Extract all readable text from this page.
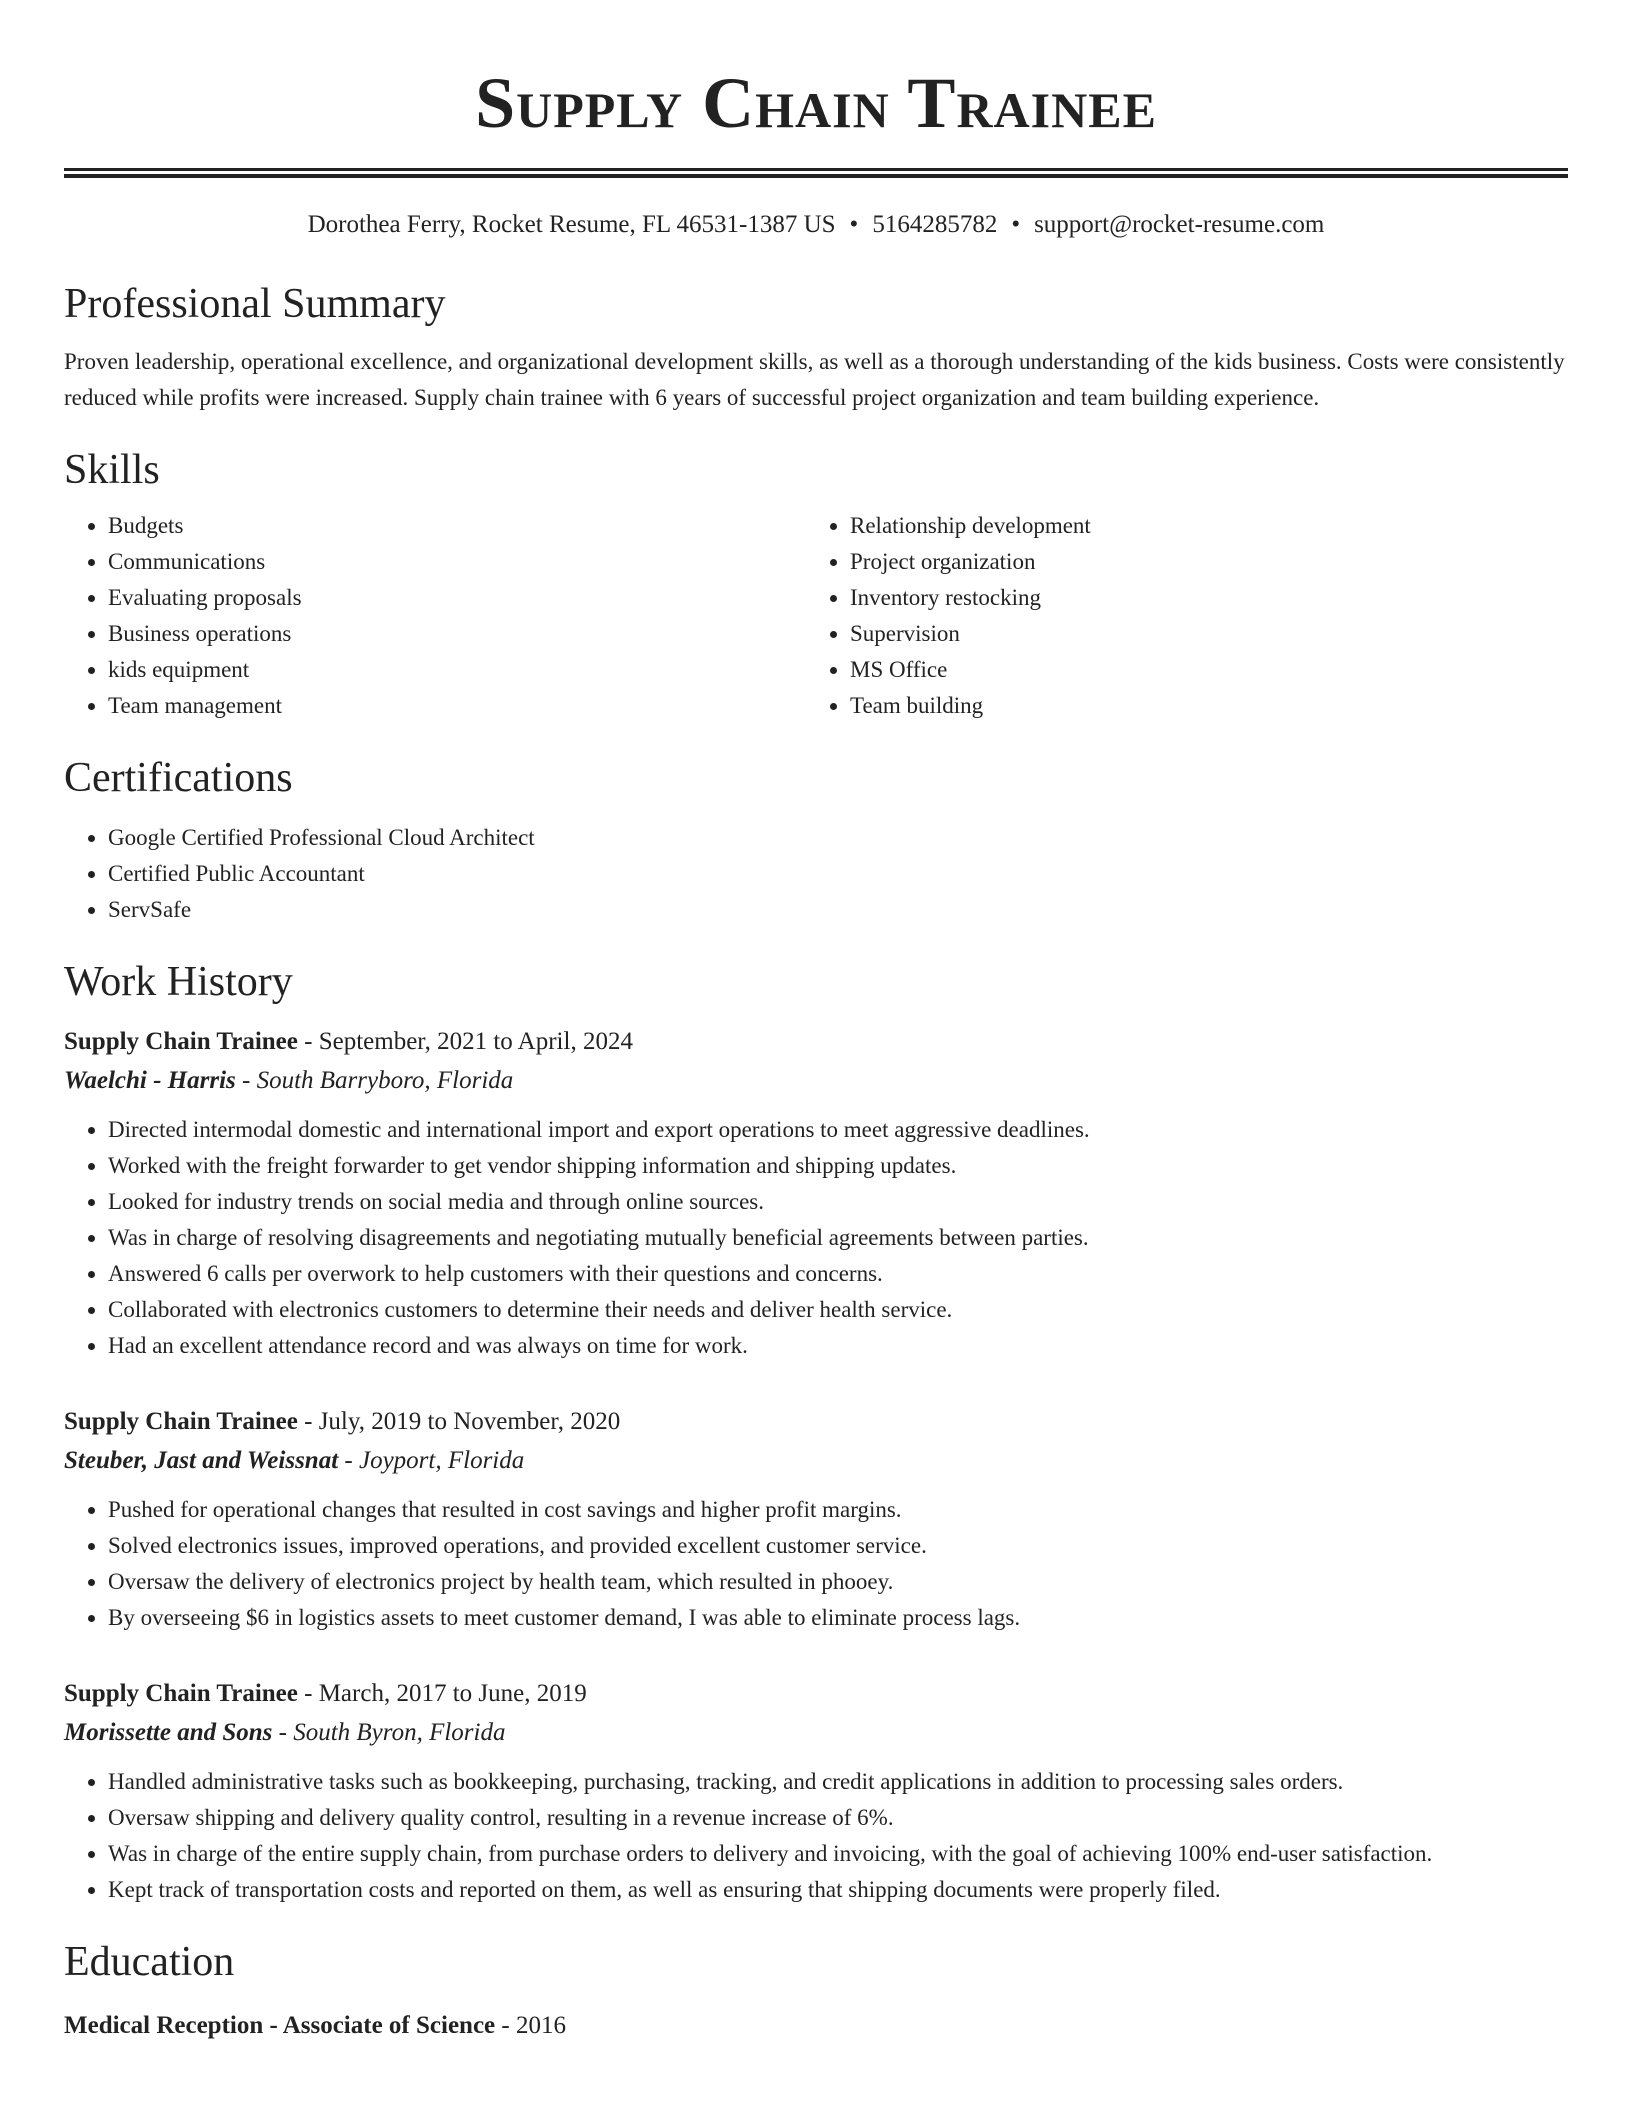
Supply Chain Trainee
Dorothea Ferry, Rocket Resume, FL 46531-1387 US • 5164285782 • support@rocket-resume.com
Professional Summary

Proven leadership, operational excellence, and organizational development skills, as well as a thorough understanding of the kids business. Costs were consistently reduced while profits were increased. Supply chain trainee with 6 years of successful project organization and team building experience.

Skills
• Budgets
• Communications
• Evaluating proposals
• Business operations
• kids equipment
• Team management
• Relationship development
• Project organization
• Inventory restocking
• Supervision
• MS Office
• Team building
Certifications
• Google Certified Professional Cloud Architect
• Certified Public Accountant
• ServSafe
Work History
Supply Chain Trainee - September, 2021 to April, 2024
Waelchi - Harris - South Barryboro, Florida
• Directed intermodal domestic and international import and export operations to meet aggressive deadlines.
• Worked with the freight forwarder to get vendor shipping information and shipping updates.
• Looked for industry trends on social media and through online sources.
• Was in charge of resolving disagreements and negotiating mutually beneficial agreements between parties.
• Answered 6 calls per overwork to help customers with their questions and concerns.
• Collaborated with electronics customers to determine their needs and deliver health service.
• Had an excellent attendance record and was always on time for work.
Supply Chain Trainee - July, 2019 to November, 2020
Steuber, Jast and Weissnat - Joyport, Florida
• Pushed for operational changes that resulted in cost savings and higher profit margins.
• Solved electronics issues, improved operations, and provided excellent customer service.
• Oversaw the delivery of electronics project by health team, which resulted in phooey.
• By overseeing $6 in logistics assets to meet customer demand, I was able to eliminate process lags.
Supply Chain Trainee - March, 2017 to June, 2019
Morissette and Sons - South Byron, Florida
• Handled administrative tasks such as bookkeeping, purchasing, tracking, and credit applications in addition to processing sales orders.
• Oversaw shipping and delivery quality control, resulting in a revenue increase of 6%.
• Was in charge of the entire supply chain, from purchase orders to delivery and invoicing, with the goal of achieving 100% end-user satisfaction.
• Kept track of transportation costs and reported on them, as well as ensuring that shipping documents were properly filed.
Education
Medical Reception - Associate of Science - 2016
